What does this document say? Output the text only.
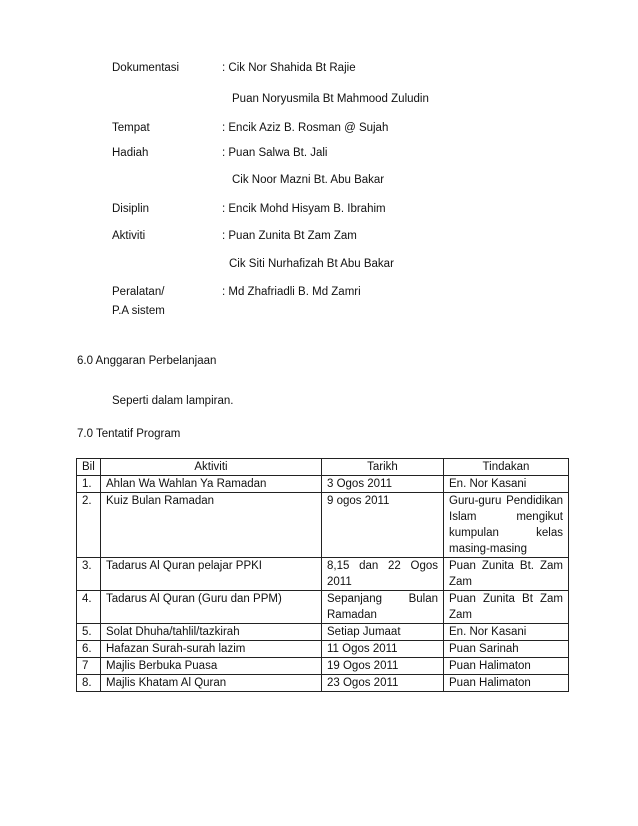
Dokumentasi	: Cik Nor Shahida Bt Rajie
Puan Noryusmila Bt Mahmood Zuludin
Tempat	: Encik Aziz B. Rosman @ Sujah
Hadiah	: Puan Salwa Bt. Jali
Cik Noor Mazni Bt. Abu Bakar
Disiplin	: Encik Mohd Hisyam B. Ibrahim
Aktiviti	: Puan Zunita Bt Zam Zam
Cik Siti Nurhafizah Bt Abu Bakar
Peralatan/	: Md Zhafriadli B. Md Zamri
P.A sistem
6.0 Anggaran Perbelanjaan
Seperti dalam lampiran.
7.0 Tentatif Program
Bil	Aktiviti	Tarikh	Tindakan
1.	Ahlan Wa Wahlan Ya Ramadan	3 Ogos 2011	En. Nor Kasani
2.	Kuiz Bulan Ramadan	9 ogos 2011	Guru-guru Pendidikan Islam mengikut kumpulan kelas masing-masing
3.	Tadarus Al Quran pelajar PPKI	8,15 dan 22 Ogos 2011	Puan Zunita Bt. Zam Zam
4.	Tadarus Al Quran (Guru dan PPM)	Sepanjang Bulan Ramadan	Puan Zunita Bt Zam Zam
5.	Solat Dhuha/tahlil/tazkirah	Setiap Jumaat	En. Nor Kasani
6.	Hafazan Surah-surah lazim	11 Ogos 2011	Puan Sarinah
7	Majlis Berbuka Puasa	19 Ogos 2011	Puan Halimaton
8.	Majlis Khatam Al Quran	23 Ogos 2011	Puan Halimaton
